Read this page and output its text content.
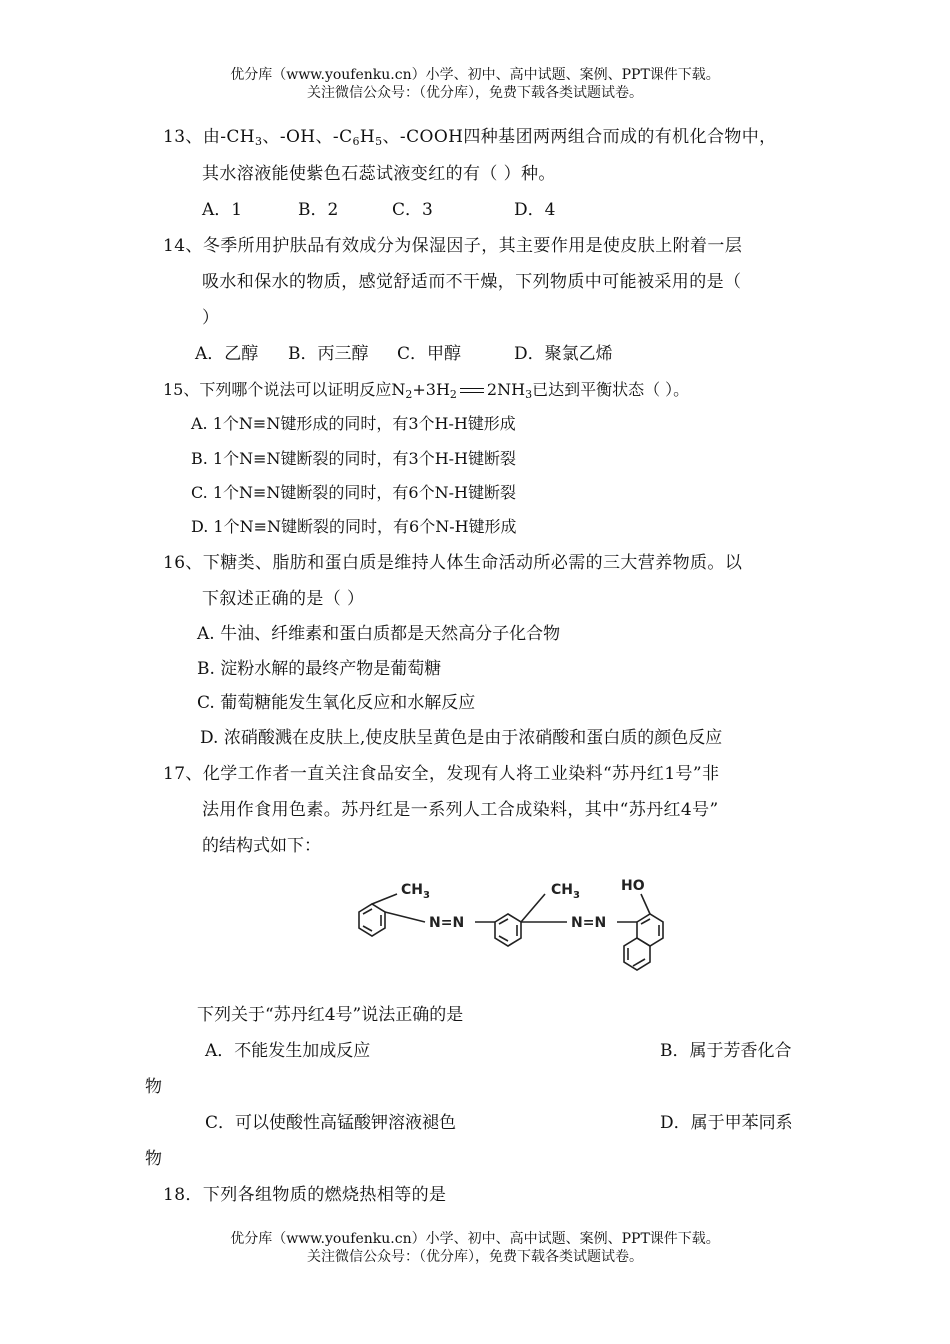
优分库（www.youfenku.cn）小学、初中、高中试题、案例、PPT课件下载。
关注微信公众号：（优分库），免费下载各类试题试卷。
13、由$-CH_3$、-OH、$-C_6H_5$、-COOH四种基团两两组合而成的有机化合物中，
其水溶液能使紫色石蕊试液变红的有（ ）种。
A．1	B．2	C．3	D．4
14、冬季所用护肤品有效成分为保湿因子，其主要作用是使皮肤上附着一层
吸水和保水的物质，感觉舒适而不干燥，下列物质中可能被采用的是（
）
A．乙醇 B．丙三醇 C．甲醇	D．聚氯乙烯
15、下列哪个说法可以证明反应$N_2+3H_2$ $2NH_3$已达到平衡状态（ ）。
A. 1个N≡N键形成的同时，有3个H-H键形成
B. 1个N≡N键断裂的同时，有3个H-H键断裂
C. 1个N≡N键断裂的同时，有6个N-H键断裂
D. 1个N≡N键断裂的同时，有6个N-H键形成
16、下糖类、脂肪和蛋白质是维持人体生命活动所必需的三大营养物质。以
下叙述正确的是（ ）
A. 牛油、纤维素和蛋白质都是天然高分子化合物
B. 淀粉水解的最终产物是葡萄糖
C. 葡萄糖能发生氧化反应和水解反应
D. 浓硝酸溅在皮肤上,使皮肤呈黄色是由于浓硝酸和蛋白质的颜色反应
17、化学工作者一直关注食品安全，发现有人将工业染料“苏丹红1号”非
法用作食用色素。苏丹红是一系列人工合成染料，其中“苏丹红4号”
的结构式如下：
$CH_3$	$CH_3$
HO
N=N	N=N
下列关于“苏丹红4号”说法正确的是
A．不能发生加成反应	B．属于芳香化合
物
C．可以使酸性高锰酸钾溶液褪色	D．属于甲苯同系
物
18．下列各组物质的燃烧热相等的是
优分库（www.youfenku.cn）小学、初中、高中试题、案例、PPT课件下载。
关注微信公众号：（优分库），免费下载各类试题试卷。
